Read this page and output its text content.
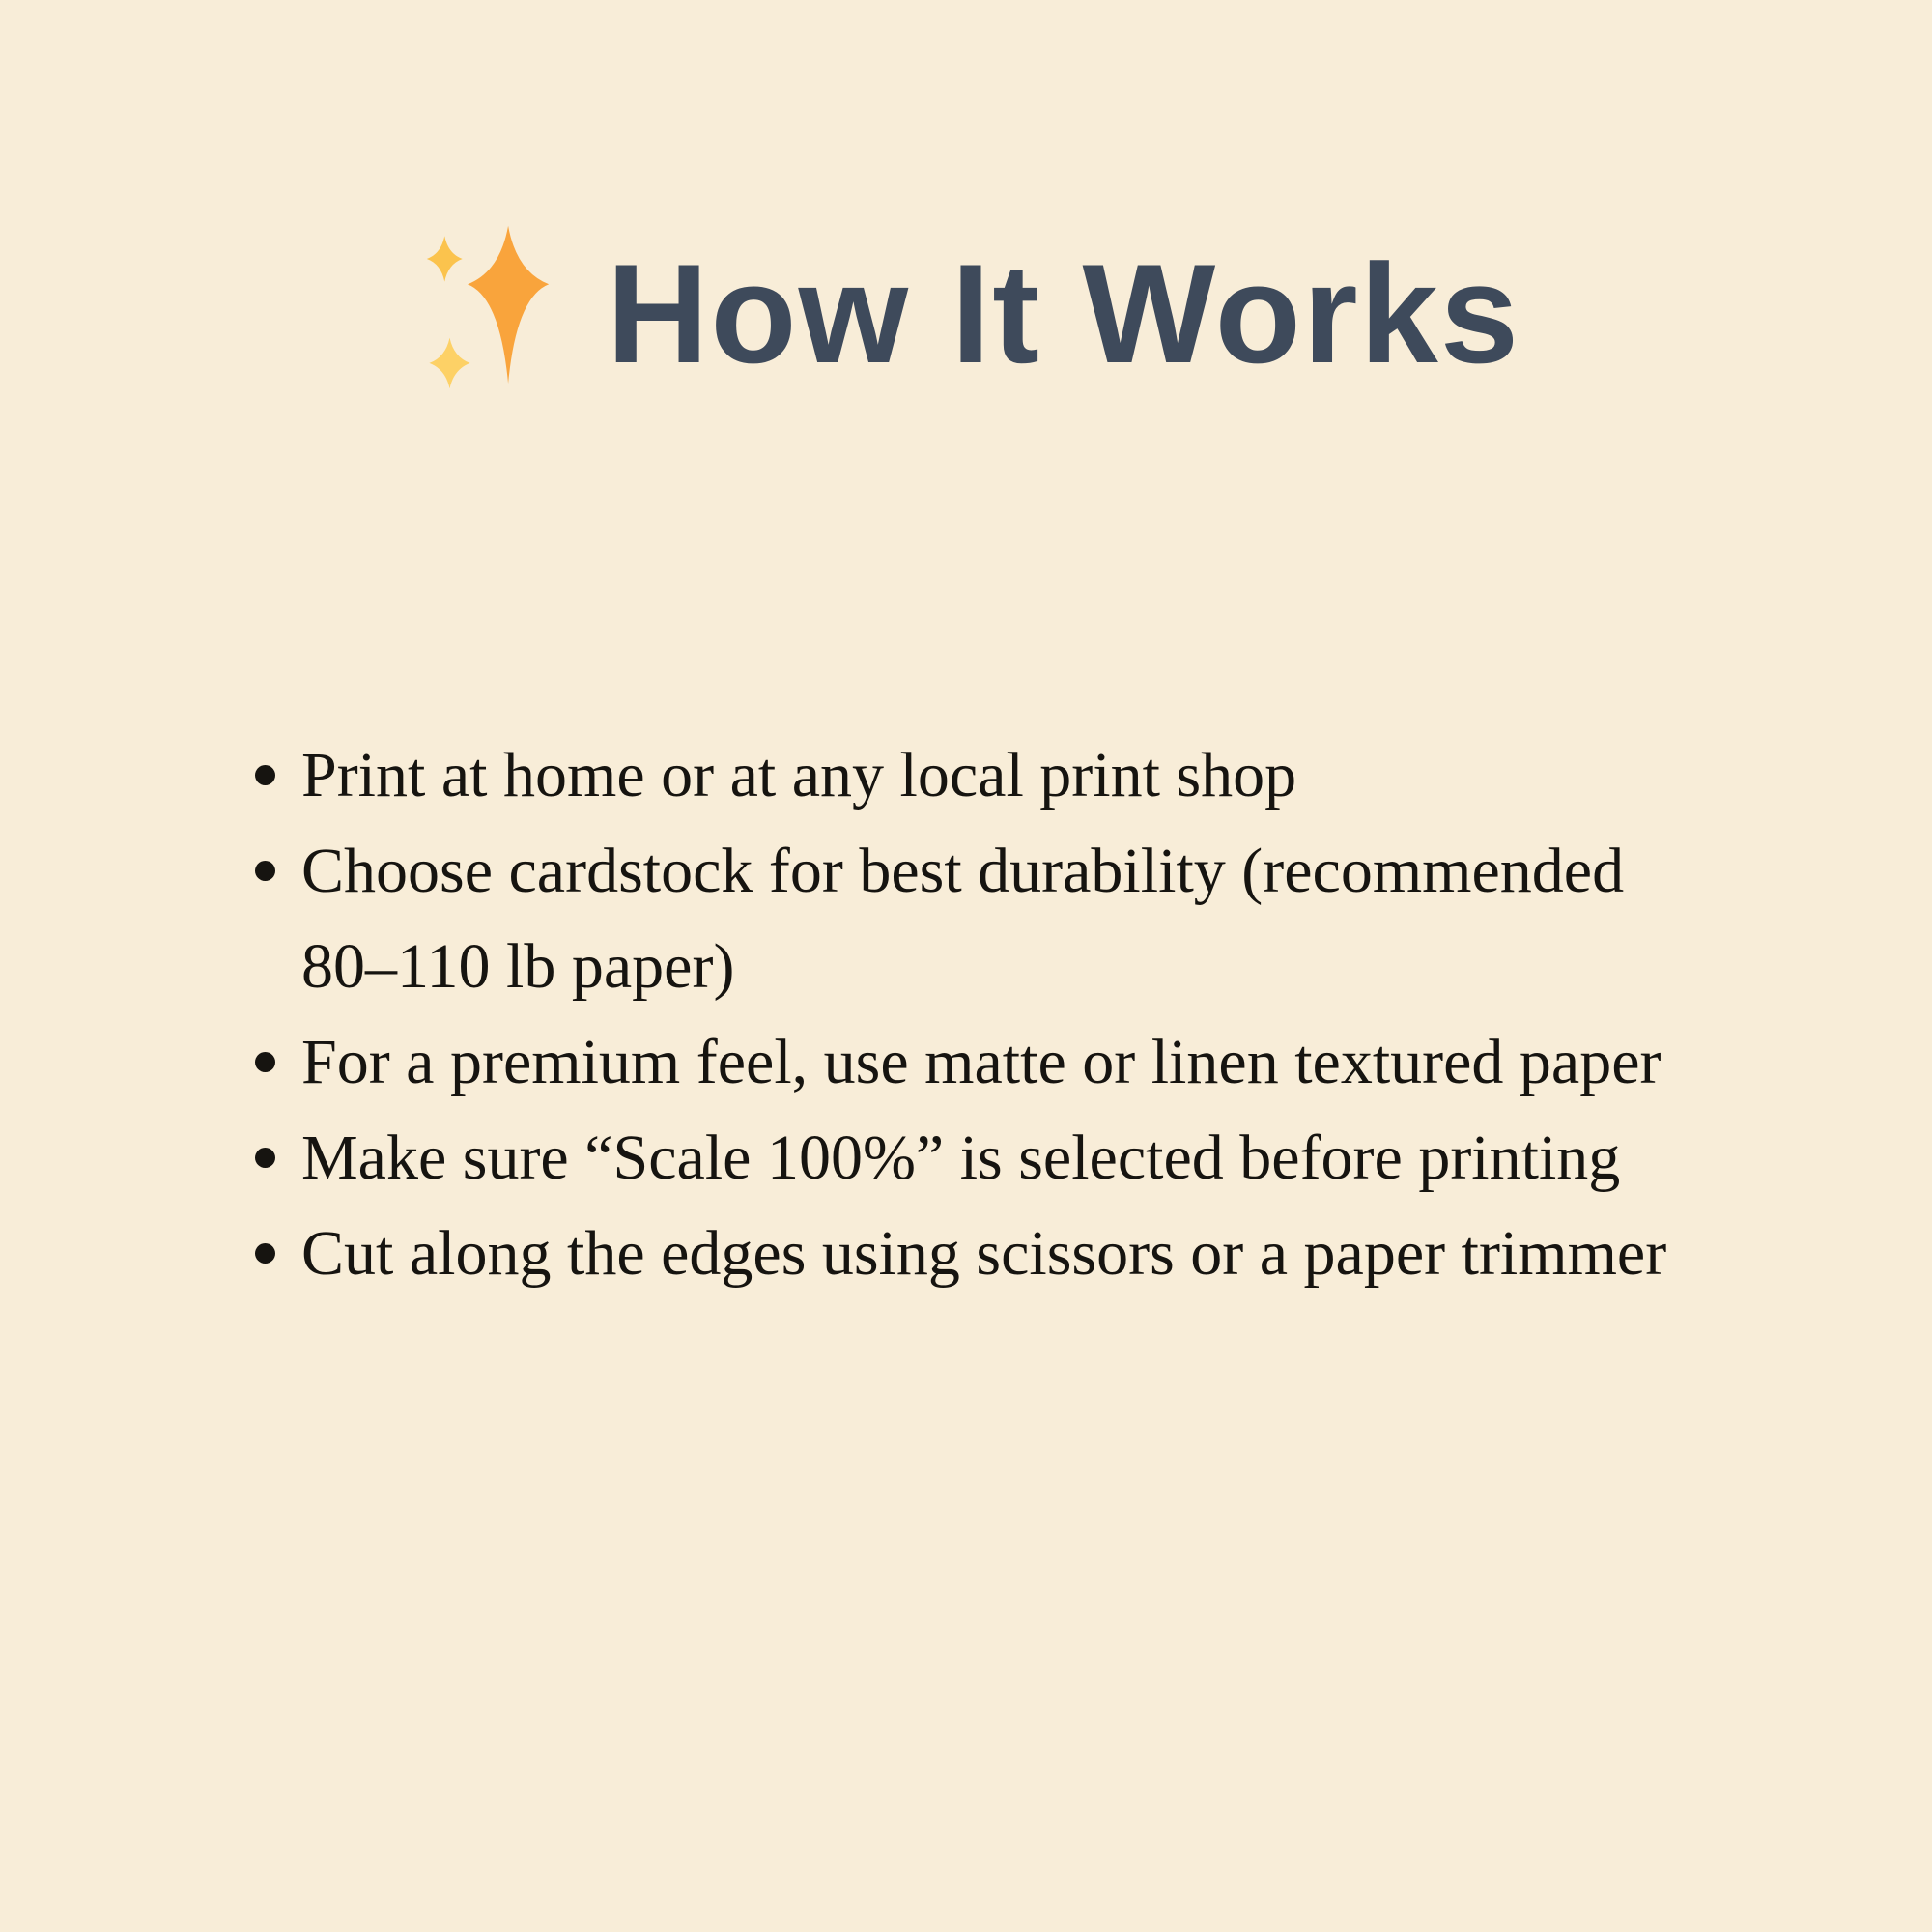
How It Works
Print at home or at any local print shop
Choose cardstock for best durability (recommended 80–110 lb paper)
For a premium feel, use matte or linen textured paper
Make sure “Scale 100%” is selected before printing
Cut along the edges using scissors or a paper trimmer
